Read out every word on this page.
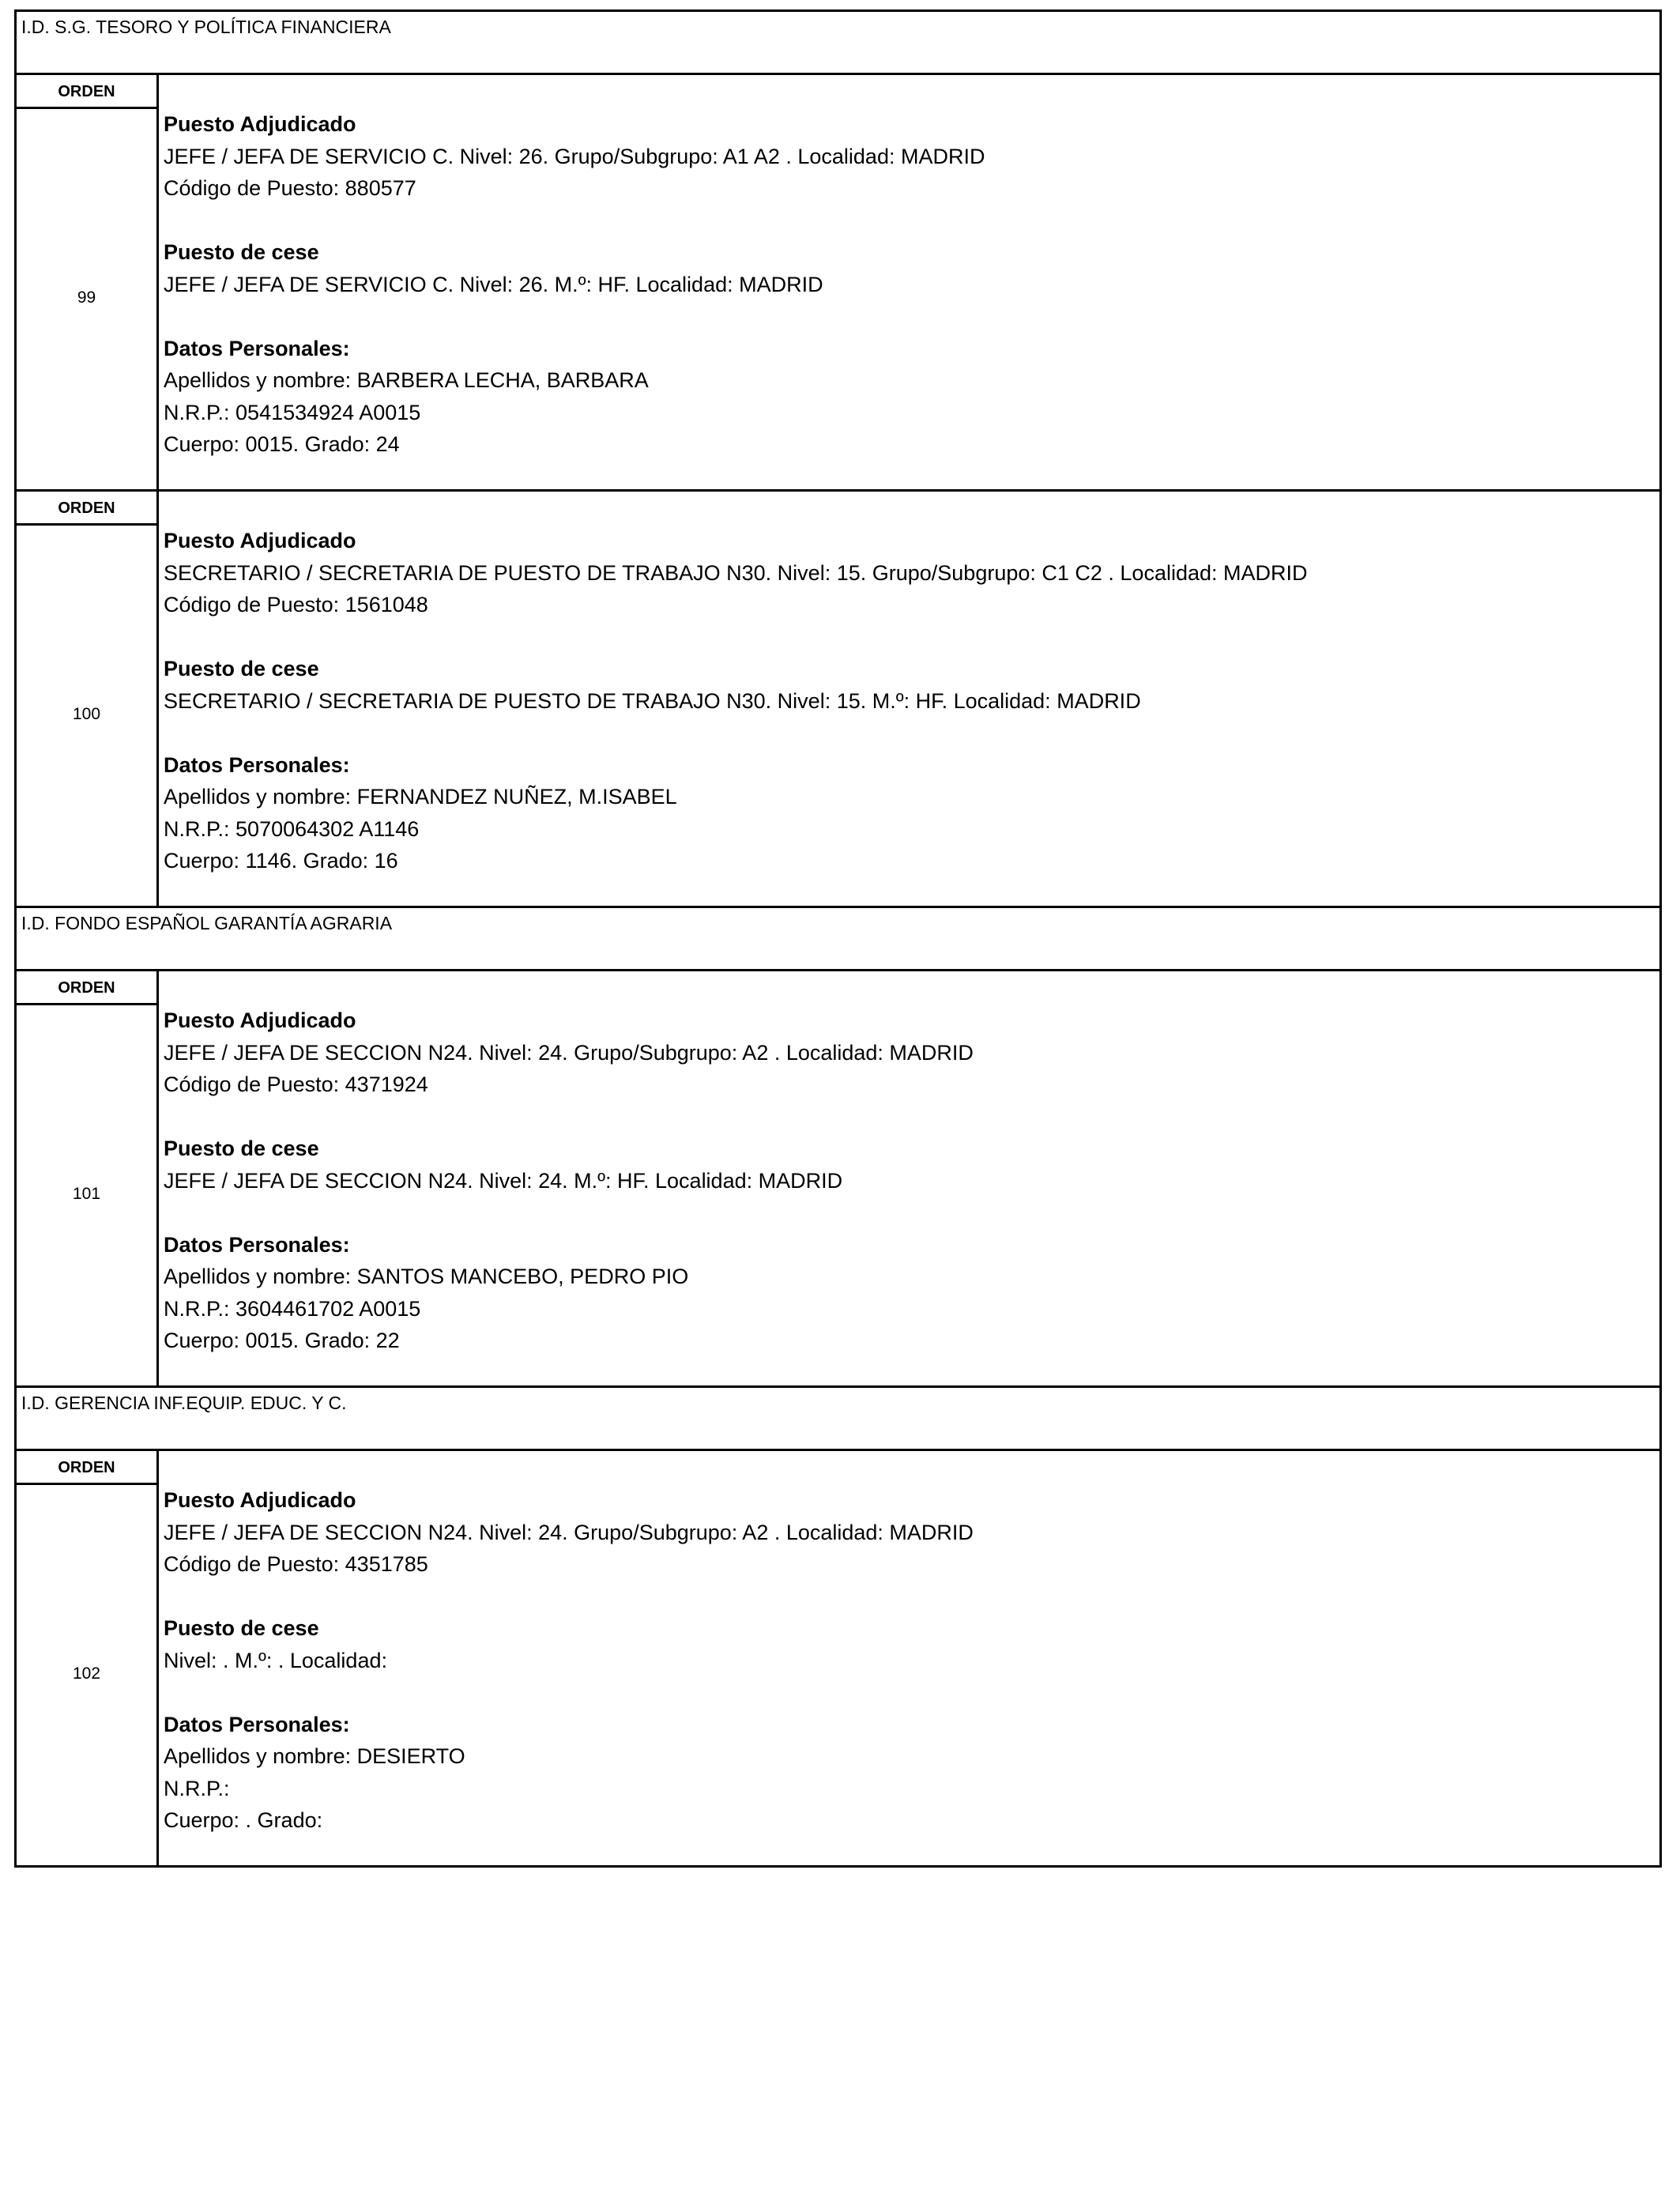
I.D. S.G. TESORO Y POLÍTICA FINANCIERA
ORDEN
99
Puesto Adjudicado
JEFE / JEFA DE SERVICIO C. Nivel: 26. Grupo/Subgrupo: A1 A2 . Localidad: MADRID
Código de Puesto: 880577
Puesto de cese
JEFE / JEFA DE SERVICIO C. Nivel: 26. M.º: HF. Localidad: MADRID
Datos Personales:
Apellidos y nombre: BARBERA LECHA, BARBARA
N.R.P.: 0541534924 A0015
Cuerpo: 0015. Grado: 24
ORDEN
100
Puesto Adjudicado
SECRETARIO / SECRETARIA DE PUESTO DE TRABAJO N30. Nivel: 15. Grupo/Subgrupo: C1 C2 . Localidad: MADRID
Código de Puesto: 1561048
Puesto de cese
SECRETARIO / SECRETARIA DE PUESTO DE TRABAJO N30. Nivel: 15. M.º: HF. Localidad: MADRID
Datos Personales:
Apellidos y nombre: FERNANDEZ NUÑEZ, M.ISABEL
N.R.P.: 5070064302 A1146
Cuerpo: 1146. Grado: 16
I.D. FONDO ESPAÑOL GARANTÍA AGRARIA
ORDEN
101
Puesto Adjudicado
JEFE / JEFA DE SECCION N24. Nivel: 24. Grupo/Subgrupo: A2 . Localidad: MADRID
Código de Puesto: 4371924
Puesto de cese
JEFE / JEFA DE SECCION N24. Nivel: 24. M.º: HF. Localidad: MADRID
Datos Personales:
Apellidos y nombre: SANTOS MANCEBO, PEDRO PIO
N.R.P.: 3604461702 A0015
Cuerpo: 0015. Grado: 22
I.D. GERENCIA INF.EQUIP. EDUC. Y C.
ORDEN
102
Puesto Adjudicado
JEFE / JEFA DE SECCION N24. Nivel: 24. Grupo/Subgrupo: A2 . Localidad: MADRID
Código de Puesto: 4351785
Puesto de cese
Nivel: . M.º: . Localidad:
Datos Personales:
Apellidos y nombre: DESIERTO
N.R.P.:
Cuerpo: . Grado:
